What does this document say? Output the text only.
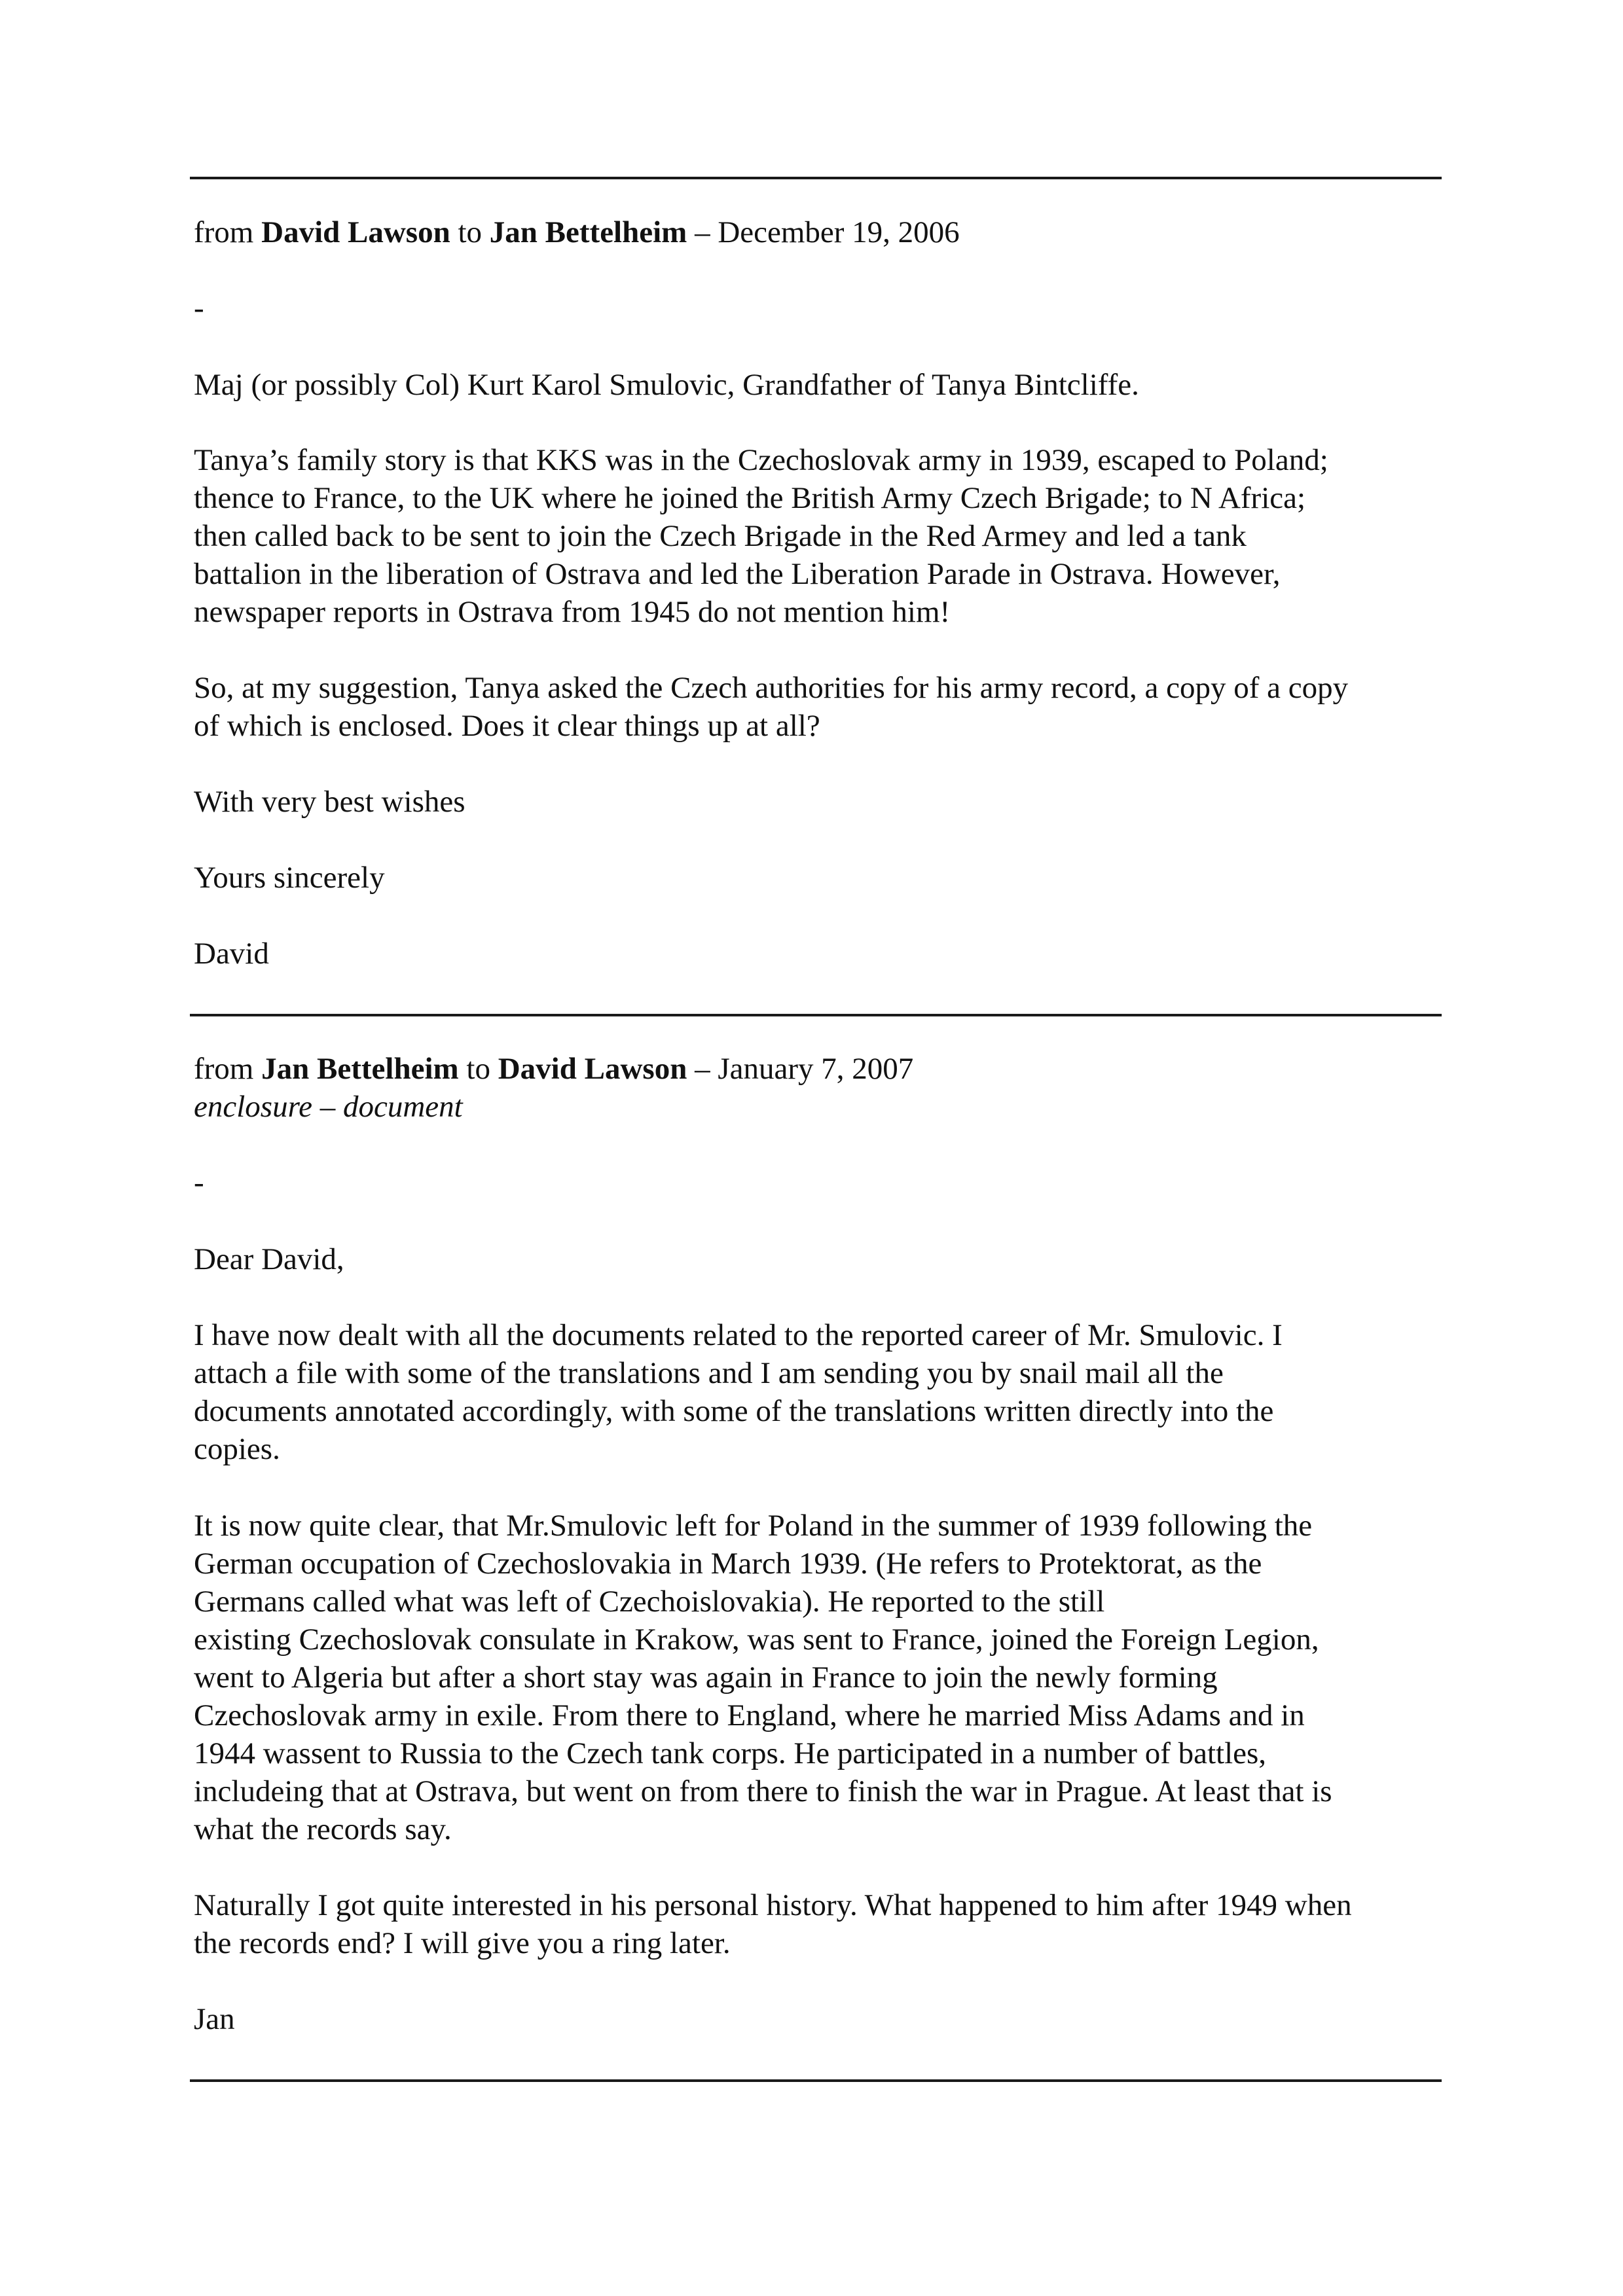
from David Lawson to Jan Bettelheim – December 19, 2006

-

Maj (or possibly Col) Kurt Karol Smulovic, Grandfather of Tanya Bintcliffe.

Tanya’s family story is that KKS was in the Czechoslovak army in 1939, escaped to Poland;
thence to France, to the UK where he joined the British Army Czech Brigade; to N Africa;
then called back to be sent to join the Czech Brigade in the Red Armey and led a tank
battalion in the liberation of Ostrava and led the Liberation Parade in Ostrava. However,
newspaper reports in Ostrava from 1945 do not mention him!

So, at my suggestion, Tanya asked the Czech authorities for his army record, a copy of a copy
of which is enclosed. Does it clear things up at all?

With very best wishes

Yours sincerely

David

from Jan Bettelheim to David Lawson – January 7, 2007

enclosure – document

-

Dear David,

I have now dealt with all the documents related to the reported career of Mr. Smulovic. I
attach a file with some of the translations and I am sending you by snail mail all the
documents annotated accordingly, with some of the translations written directly into the
copies.

It is now quite clear, that Mr.Smulovic left for Poland in the summer of 1939 following the
German occupation of Czechoslovakia in March 1939. (He refers to Protektorat, as the
Germans called what was left of Czechoislovakia). He reported to the still
existing Czechoslovak consulate in Krakow, was sent to France, joined the Foreign Legion,
went to Algeria but after a short stay was again in France to join the newly forming
Czechoslovak army in exile. From there to England, where he married Miss Adams and in
1944 wassent to Russia to the Czech tank corps. He participated in a number of battles,
includeing that at Ostrava, but went on from there to finish the war in Prague. At least that is
what the records say.

Naturally I got quite interested in his personal history. What happened to him after 1949 when
the records end? I will give you a ring later.

Jan
